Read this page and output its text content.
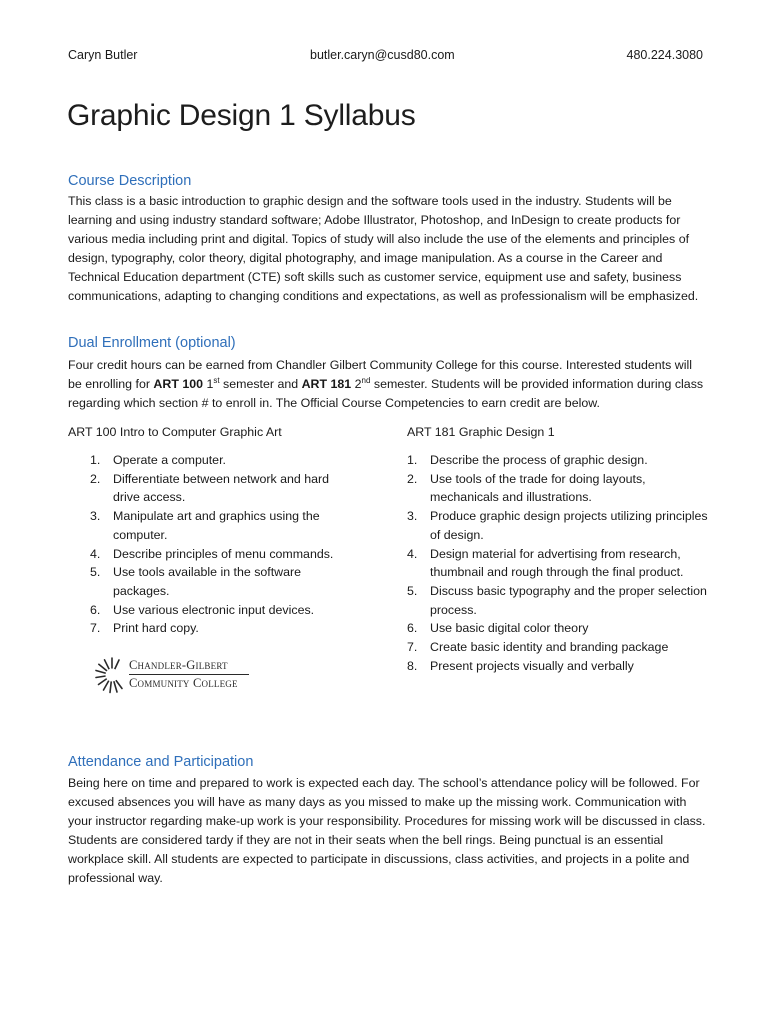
Caryn Butler	butler.caryn@cusd80.com	480.224.3080
Graphic Design 1 Syllabus
Course Description

This class is a basic introduction to graphic design and the software tools used in the industry. Students will be learning and using industry standard software; Adobe Illustrator, Photoshop, and InDesign to create products for various media including print and digital. Topics of study will also include the use of the elements and principles of design, typography, color theory, digital photography, and image manipulation. As a course in the Career and Technical Education department (CTE) soft skills such as customer service, equipment use and safety, business communications, adapting to changing conditions and expectations, as well as professionalism will be emphasized.

Dual Enrollment (optional)

Four credit hours can be earned from Chandler Gilbert Community College for this course. Interested students will be enrolling for ART 100 1st semester and ART 181 2nd semester. Students will be provided information during class regarding which section # to enroll in. The Official Course Competencies to earn credit are below.

ART 100 Intro to Computer Graphic Art	ART 181 Graphic Design 1
1. Operate a computer.
2. Differentiate between network and hard drive access.
3. Manipulate art and graphics using the computer.
4. Describe principles of menu commands.
5. Use tools available in the software packages.
6. Use various electronic input devices.
7. Print hard copy.
1. Describe the process of graphic design.
2. Use tools of the trade for doing layouts, mechanicals and illustrations.
3. Produce graphic design projects utilizing principles of design.
4. Design material for advertising from research, thumbnail and rough through the final product.
5. Discuss basic typography and the proper selection process.
6. Use basic digital color theory
7. Create basic identity and branding package
8. Present projects visually and verbally
Chandler-Gilbert
Community College
Attendance and Participation

Being here on time and prepared to work is expected each day. The school’s attendance policy will be followed. For excused absences you will have as many days as you missed to make up the missing work. Communication with your instructor regarding make-up work is your responsibility. Procedures for missing work will be discussed in class. Students are considered tardy if they are not in their seats when the bell rings. Being punctual is an essential workplace skill. All students are expected to participate in discussions, class activities, and projects in a polite and professional way.
